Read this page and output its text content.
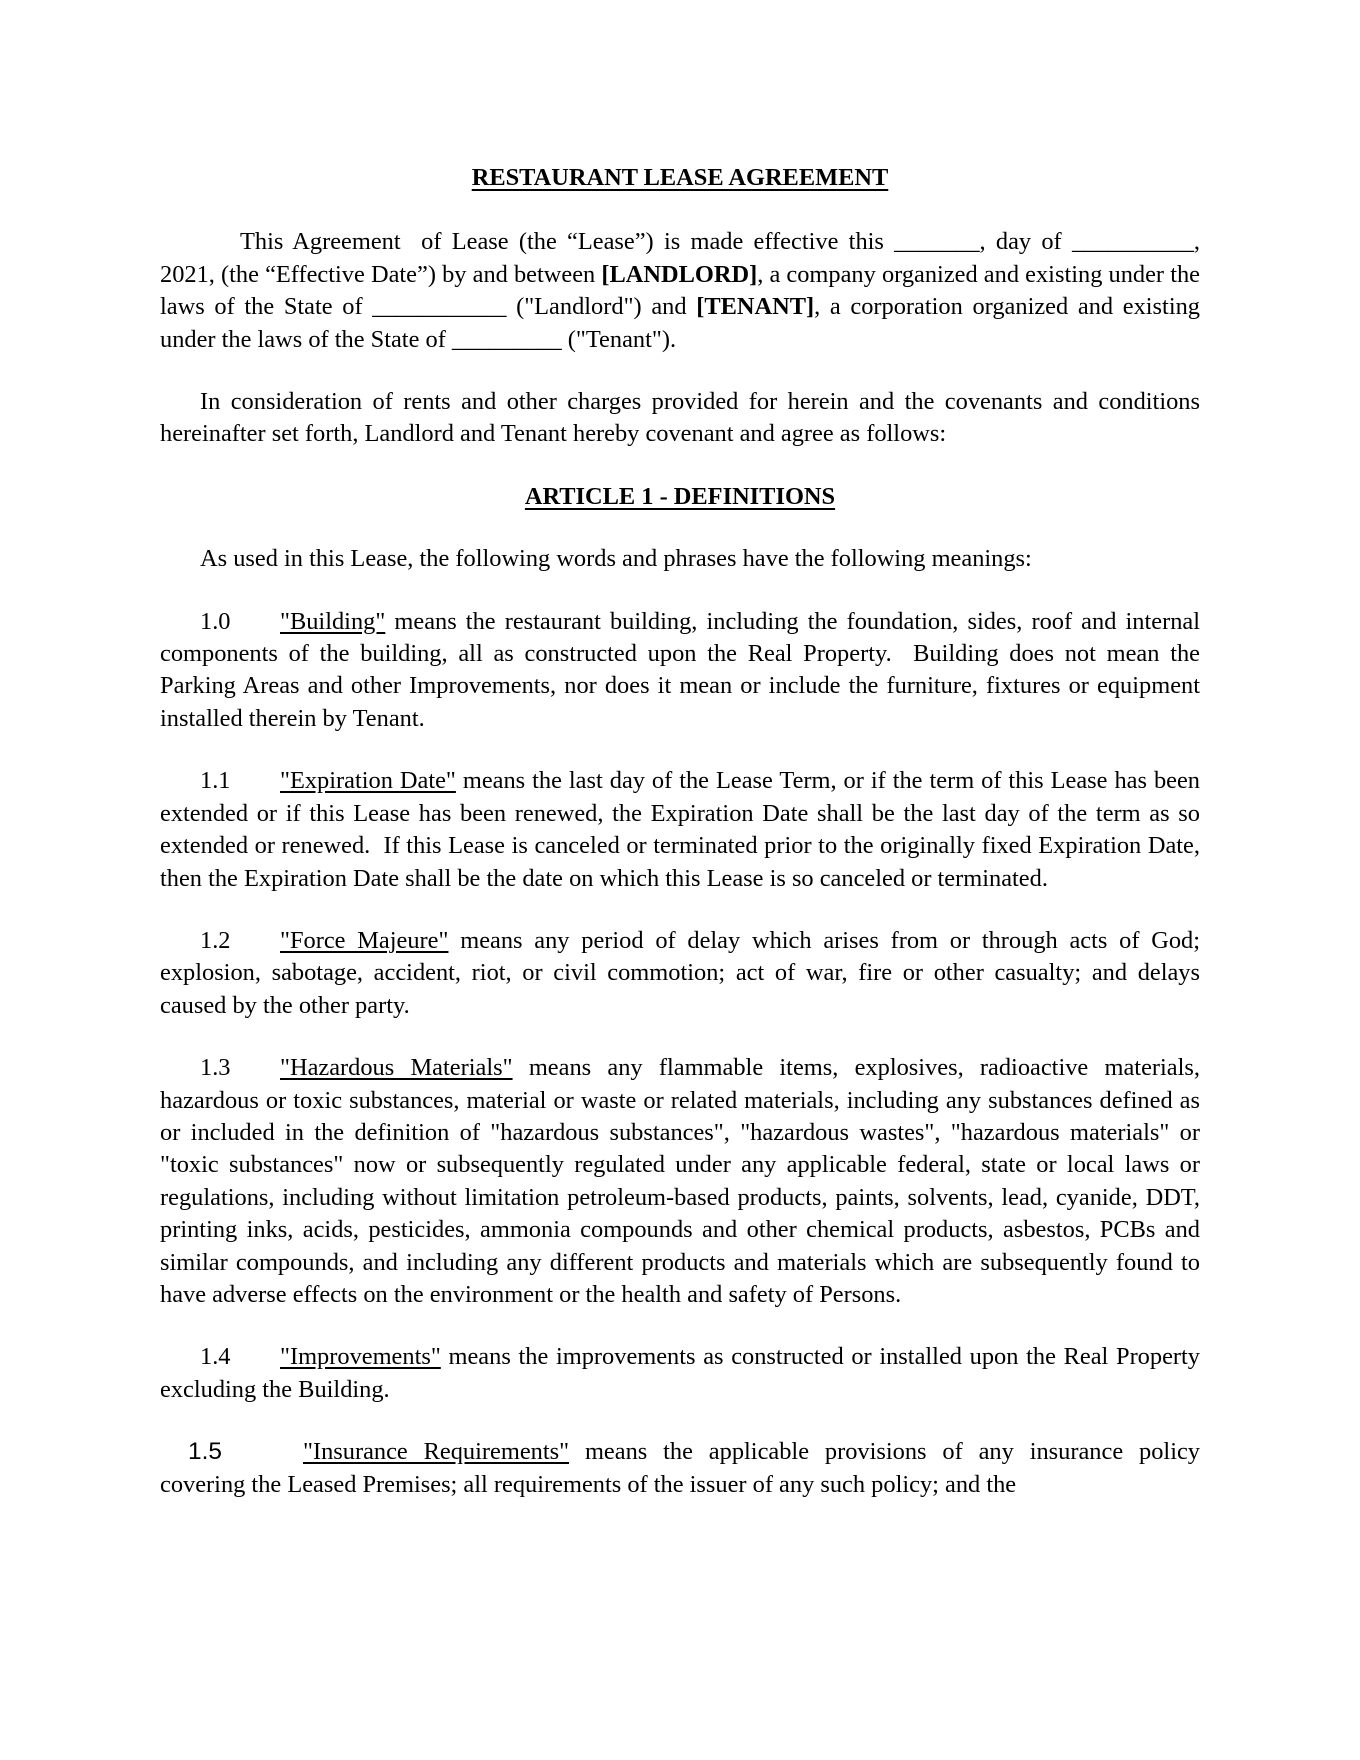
RESTAURANT LEASE AGREEMENT

This Agreement  of Lease (the “Lease”) is made effective this _______, day of __________, 2021, (the “Effective Date”) by and between [LANDLORD], a company organized and existing under the laws of the State of ___________ ("Landlord") and [TENANT], a corporation organized and existing under the laws of the State of _________ ("Tenant").

In consideration of rents and other charges provided for herein and the covenants and conditions hereinafter set forth, Landlord and Tenant hereby covenant and agree as follows:

ARTICLE 1 - DEFINITIONS

As used in this Lease, the following words and phrases have the following meanings:

1.0 "Building" means the restaurant building, including the foundation, sides, roof and internal components of the building, all as constructed upon the Real Property.  Building does not mean the Parking Areas and other Improvements, nor does it mean or include the furniture, fixtures or equipment installed therein by Tenant.

1.1 "Expiration Date" means the last day of the Lease Term, or if the term of this Lease has been extended or if this Lease has been renewed, the Expiration Date shall be the last day of the term as so extended or renewed.  If this Lease is canceled or terminated prior to the originally fixed Expiration Date, then the Expiration Date shall be the date on which this Lease is so canceled or terminated.

1.2 "Force Majeure" means any period of delay which arises from or through acts of God; explosion, sabotage, accident, riot, or civil commotion; act of war, fire or other casualty; and delays caused by the other party.

1.3 "Hazardous Materials" means any flammable items, explosives, radioactive materials, hazardous or toxic substances, material or waste or related materials, including any substances defined as or included in the definition of "hazardous substances", "hazardous wastes", "hazardous materials" or "toxic substances" now or subsequently regulated under any applicable federal, state or local laws or regulations, including without limitation petroleum-based products, paints, solvents, lead, cyanide, DDT, printing inks, acids, pesticides, ammonia compounds and other chemical products, asbestos, PCBs and similar compounds, and including any different products and materials which are subsequently found to have adverse effects on the environment or the health and safety of Persons.

1.4 "Improvements" means the improvements as constructed or installed upon the Real Property excluding the Building.

1.5	"Insurance Requirements" means the applicable provisions of any insurance policy covering the Leased Premises; all requirements of the issuer of any such policy; and the
